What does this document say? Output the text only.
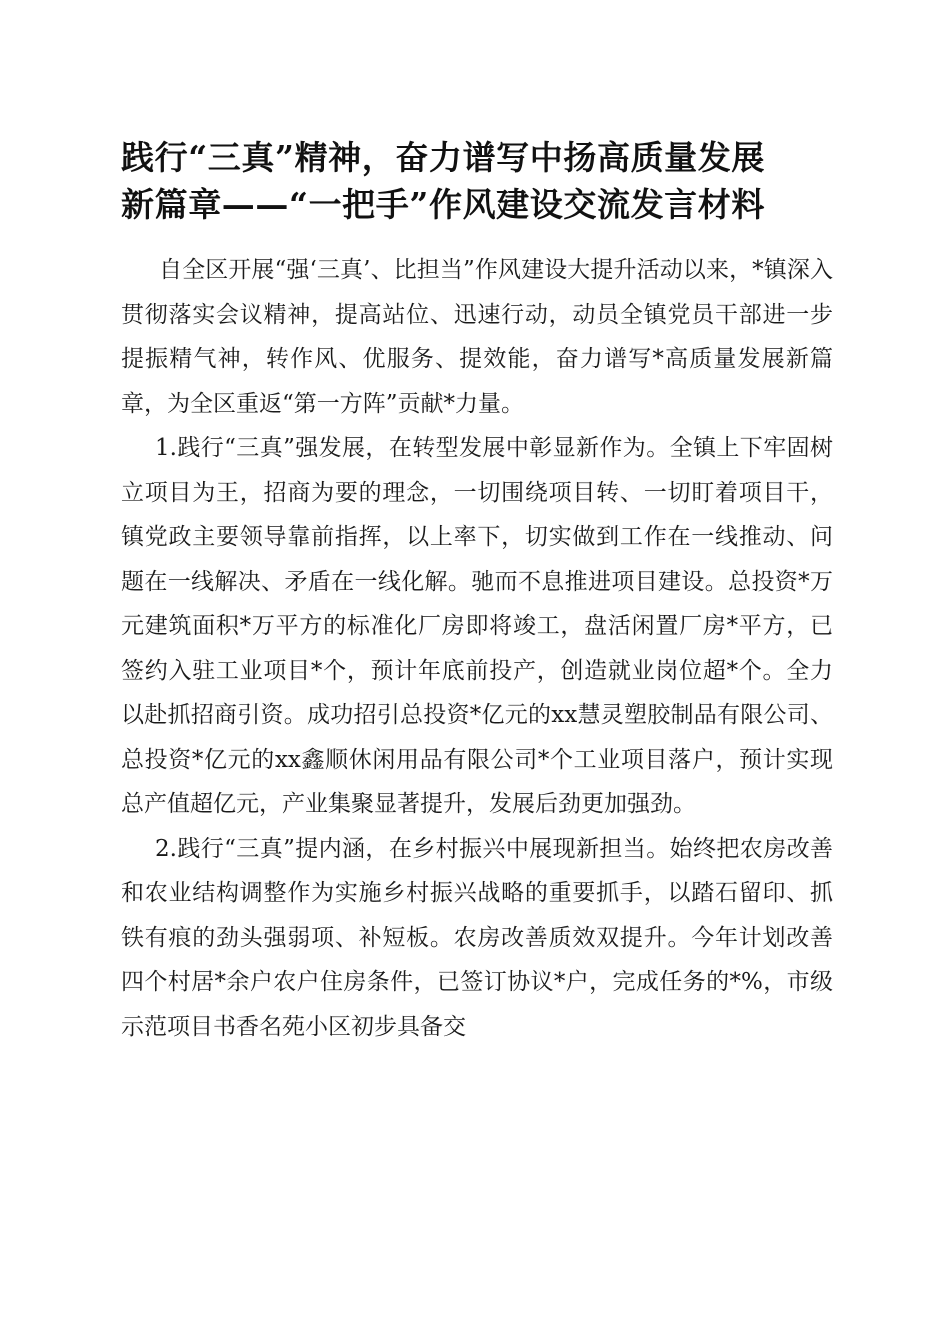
践行“三真”精神，奋力谱写中扬高质量发展
新篇章——“一把手”作风建设交流发言材料

自全区开展“强‘三真’、比担当”作风建设大提升活动以来，*镇深入贯彻落实会议精神，提高站位、迅速行动，动员全镇党员干部进一步提振精气神，转作风、优服务、提效能，奋力谱写*高质量发展新篇章，为全区重返“第一方阵”贡献*力量。

1.践行“三真”强发展，在转型发展中彰显新作为。全镇上下牢固树立项目为王，招商为要的理念，一切围绕项目转、一切盯着项目干，镇党政主要领导靠前指挥，以上率下，切实做到工作在一线推动、问题在一线解决、矛盾在一线化解。驰而不息推进项目建设。总投资*万元建筑面积*万平方的标准化厂房即将竣工，盘活闲置厂房*平方，已签约入驻工业项目*个，预计年底前投产，创造就业岗位超*个。全力以赴抓招商引资。成功招引总投资*亿元的xx慧灵塑胶制品有限公司、总投资*亿元的xx鑫顺休闲用品有限公司*个工业项目落户，预计实现总产值超亿元，产业集聚显著提升，发展后劲更加强劲。

2.践行“三真”提内涵，在乡村振兴中展现新担当。始终把农房改善和农业结构调整作为实施乡村振兴战略的重要抓手，以踏石留印、抓铁有痕的劲头强弱项、补短板。农房改善质效双提升。今年计划改善四个村居*余户农户住房条件，已签订协议*户，完成任务的*%，市级示范项目书香名苑小区初步具备交
